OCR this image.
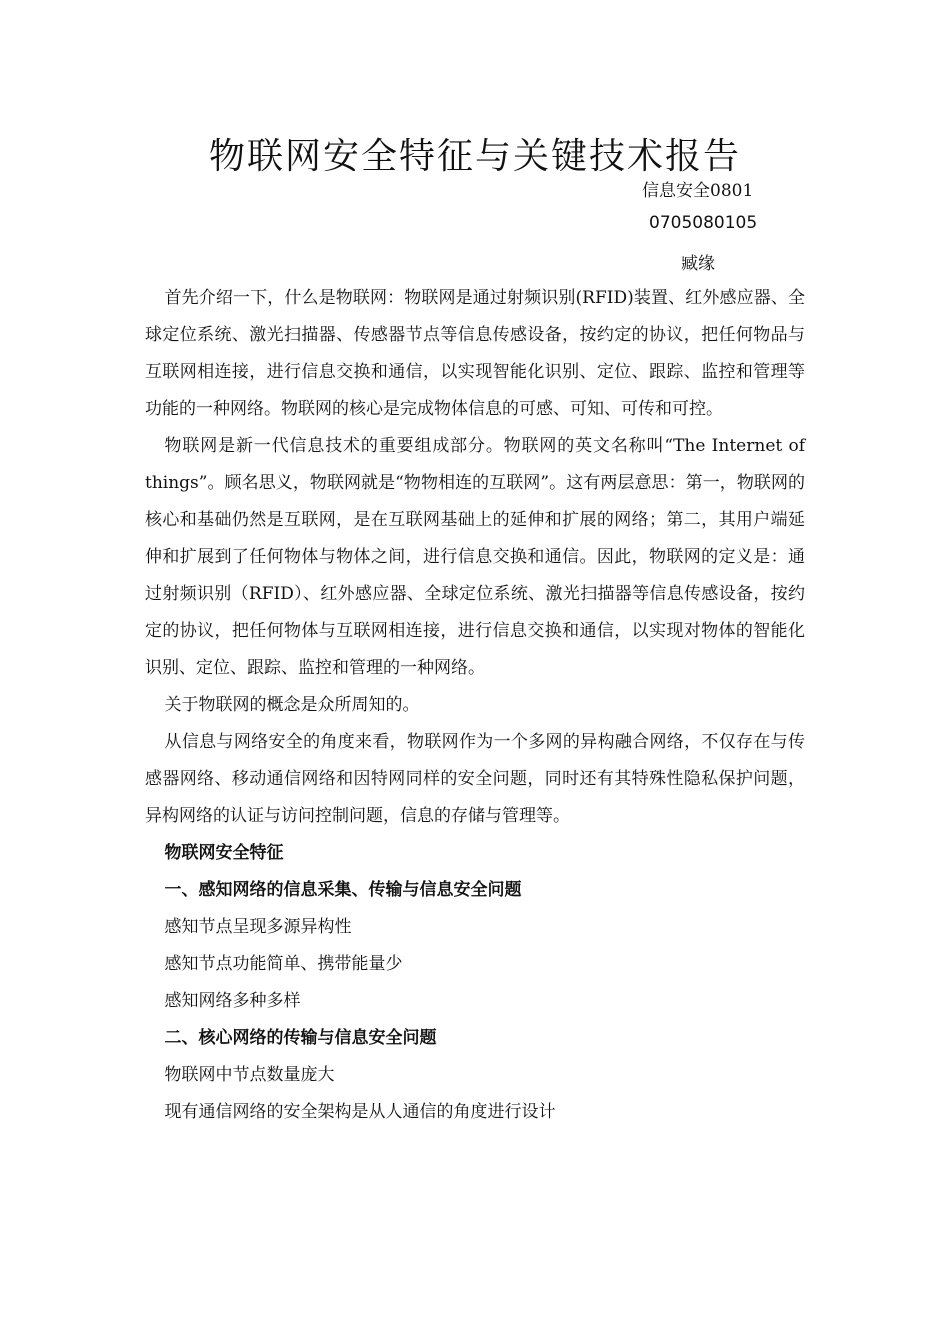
物联网安全特征与关键技术报告
信息安全0801
0705080105
臧缘

首先介绍一下，什么是物联网：物联网是通过射频识别(RFID)装置、红外感应器、全球定位系统、激光扫描器、传感器节点等信息传感设备，按约定的协议，把任何物品与互联网相连接，进行信息交换和通信，以实现智能化识别、定位、跟踪、监控和管理等功能的一种网络。物联网的核心是完成物体信息的可感、可知、可传和可控。

物联网是新一代信息技术的重要组成部分。物联网的英文名称叫“The Internet of things”。顾名思义，物联网就是“物物相连的互联网”。这有两层意思：第一，物联网的核心和基础仍然是互联网，是在互联网基础上的延伸和扩展的网络；第二，其用户端延伸和扩展到了任何物体与物体之间，进行信息交换和通信。因此，物联网的定义是：通过射频识别（RFID）、红外感应器、全球定位系统、激光扫描器等信息传感设备，按约定的协议，把任何物体与互联网相连接，进行信息交换和通信，以实现对物体的智能化识别、定位、跟踪、监控和管理的一种网络。

关于物联网的概念是众所周知的。

从信息与网络安全的角度来看，物联网作为一个多网的异构融合网络，不仅存在与传感器网络、移动通信网络和因特网同样的安全问题，同时还有其特殊性隐私保护问题，异构网络的认证与访问控制问题，信息的存储与管理等。

物联网安全特征

一、感知网络的信息采集、传输与信息安全问题

感知节点呈现多源异构性

感知节点功能简单、携带能量少

感知网络多种多样

二、核心网络的传输与信息安全问题

物联网中节点数量庞大

现有通信网络的安全架构是从人通信的角度进行设计
